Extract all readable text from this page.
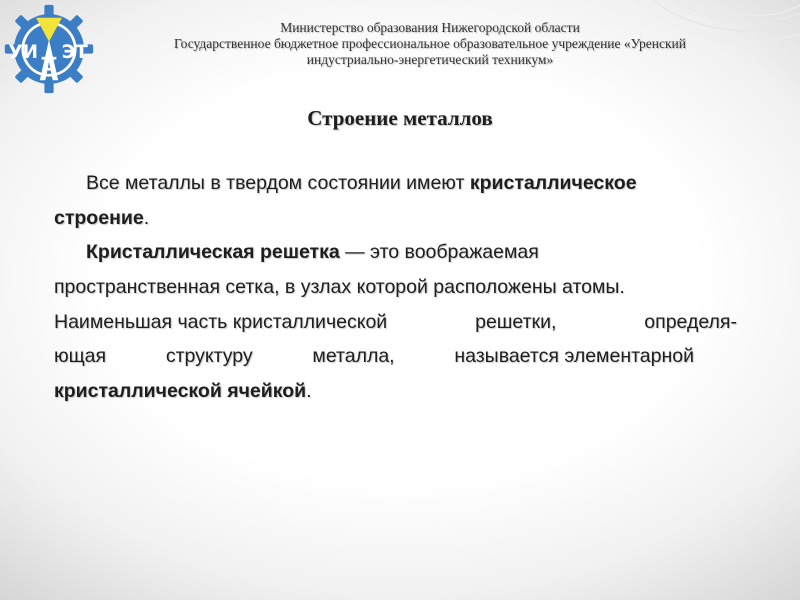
УИ ЭТ
Министерство образования Нижегородской области
Государственное бюджетное профессиональное образовательное учреждение «Уренский
индустриально-энергетический техникум»
Строение металлов
Все металлы в твердом состоянии имеют кристаллическое
строение.
Кристаллическая решетка — это воображаемая
пространственная сетка, в узлах которой расположены атомы.
Наименьшая часть кристаллической	решетки,	определя-
ющая	структуру	металла,	называется элементарной
кристаллической ячейкой.
